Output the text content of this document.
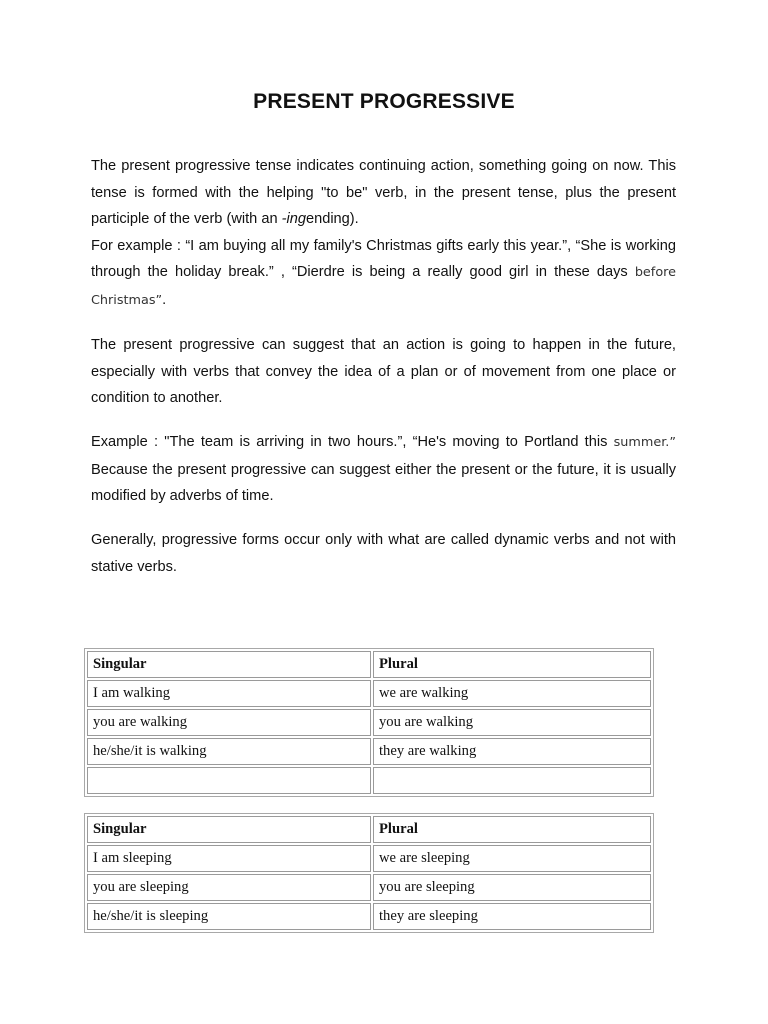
PRESENT PROGRESSIVE

The present progressive tense indicates continuing action, something going on now. This tense is formed with the helping "to be" verb, in the present tense, plus the present participle of the verb (with an -ingending).
For example : “I am buying all my family's Christmas gifts early this year.”, “She is working through the holiday break.” , “Dierdre is being a really good girl in these days before Christmas”.

The present progressive can suggest that an action is going to happen in the future, especially with verbs that convey the idea of a plan or of movement from one place or condition to another.

Example : "The team is arriving in two hours.”, “He's moving to Portland this summer.” Because the present progressive can suggest either the present or the future, it is usually modified by adverbs of time.

Generally, progressive forms occur only with what are called dynamic verbs and not with stative verbs.

Singular	Plural
I am walking	we are walking
you are walking	you are walking
he/she/it is walking	they are walking

Singular	Plural
I am sleeping	we are sleeping
you are sleeping	you are sleeping
he/she/it is sleeping	they are sleeping
